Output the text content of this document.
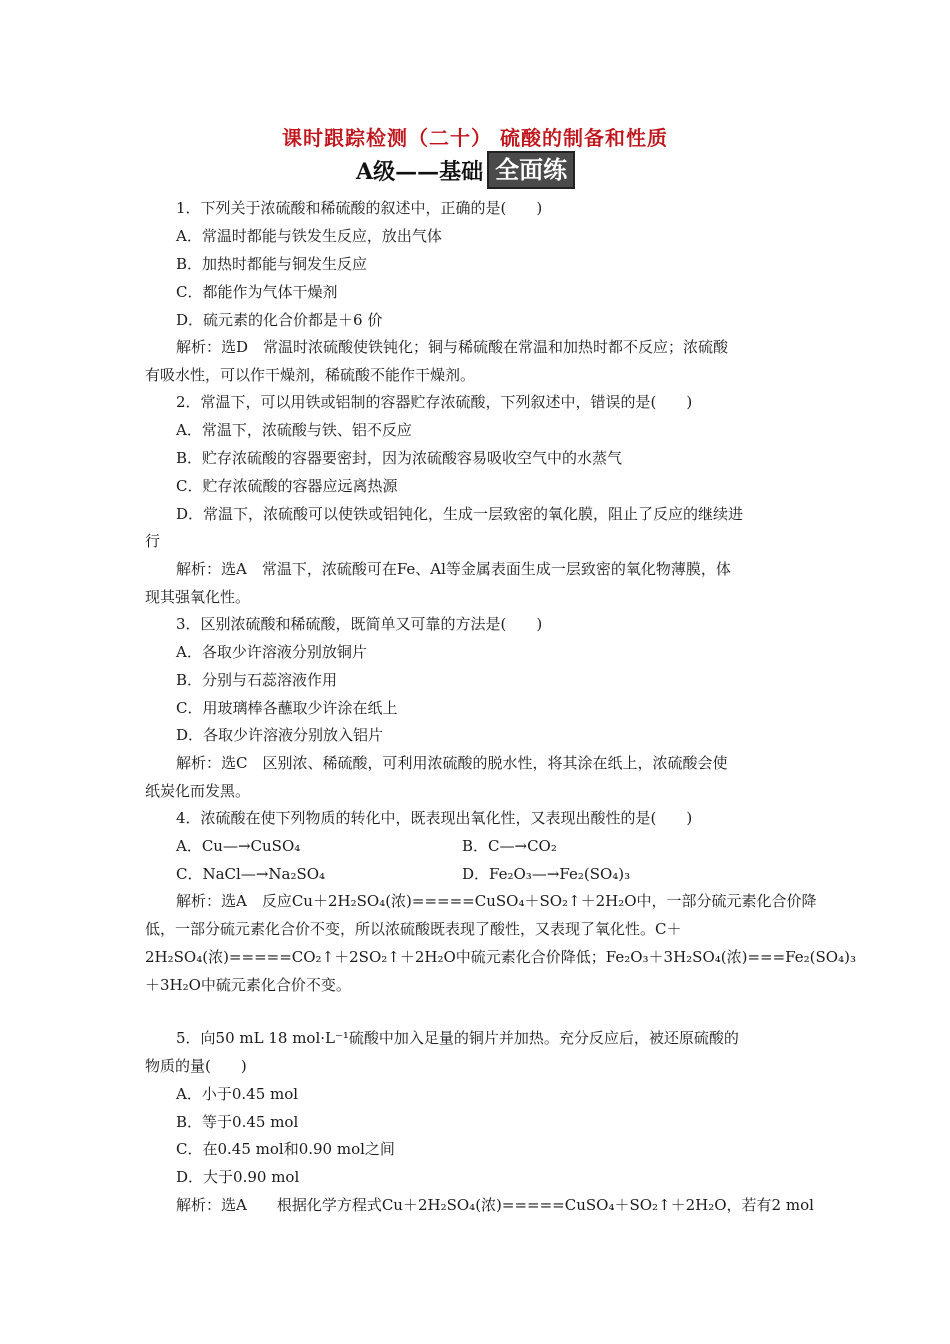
课时跟踪检测（二十） 硫酸的制备和性质
A级——基础 全面练
1．下列关于浓硫酸和稀硫酸的叙述中，正确的是(　　)
A．常温时都能与铁发生反应，放出气体
B．加热时都能与铜发生反应
C．都能作为气体干燥剂
D．硫元素的化合价都是＋6 价
解析：选D　常温时浓硫酸使铁钝化；铜与稀硫酸在常温和加热时都不反应；浓硫酸
有吸水性，可以作干燥剂，稀硫酸不能作干燥剂。
2．常温下，可以用铁或铝制的容器贮存浓硫酸，下列叙述中，错误的是(　　)
A．常温下，浓硫酸与铁、铝不反应
B．贮存浓硫酸的容器要密封，因为浓硫酸容易吸收空气中的水蒸气
C．贮存浓硫酸的容器应远离热源
D．常温下，浓硫酸可以使铁或铝钝化，生成一层致密的氧化膜，阻止了反应的继续进
行
解析：选A　常温下，浓硫酸可在Fe、Al等金属表面生成一层致密的氧化物薄膜，体
现其强氧化性。
3．区别浓硫酸和稀硫酸，既简单又可靠的方法是(　　)
A．各取少许溶液分别放铜片
B．分别与石蕊溶液作用
C．用玻璃棒各蘸取少许涂在纸上
D．各取少许溶液分别放入铝片
解析：选C　区别浓、稀硫酸，可利用浓硫酸的脱水性，将其涂在纸上，浓硫酸会使
纸炭化而发黑。
4．浓硫酸在使下列物质的转化中，既表现出氧化性，又表现出酸性的是(　　)
A．Cu—→CuSO₄	B．C—→CO₂
C．NaCl—→Na₂SO₄	D．Fe₂O₃—→Fe₂(SO₄)₃
解析：选A　反应Cu＋2H₂SO₄(浓)=====CuSO₄＋SO₂↑＋2H₂O中，一部分硫元素化合价降
低，一部分硫元素化合价不变，所以浓硫酸既表现了酸性，又表现了氧化性。C＋
2H₂SO₄(浓)=====CO₂↑＋2SO₂↑＋2H₂O中硫元素化合价降低；Fe₂O₃＋3H₂SO₄(浓)===Fe₂(SO₄)₃
＋3H₂O中硫元素化合价不变。
5．向50 mL 18 mol·L⁻¹硫酸中加入足量的铜片并加热。充分反应后，被还原硫酸的
物质的量(　　)
A．小于0.45 mol
B．等于0.45 mol
C．在0.45 mol和0.90 mol之间
D．大于0.90 mol
解析：选A　　根据化学方程式Cu＋2H₂SO₄(浓)=====CuSO₄＋SO₂↑＋2H₂O，若有2 mol
